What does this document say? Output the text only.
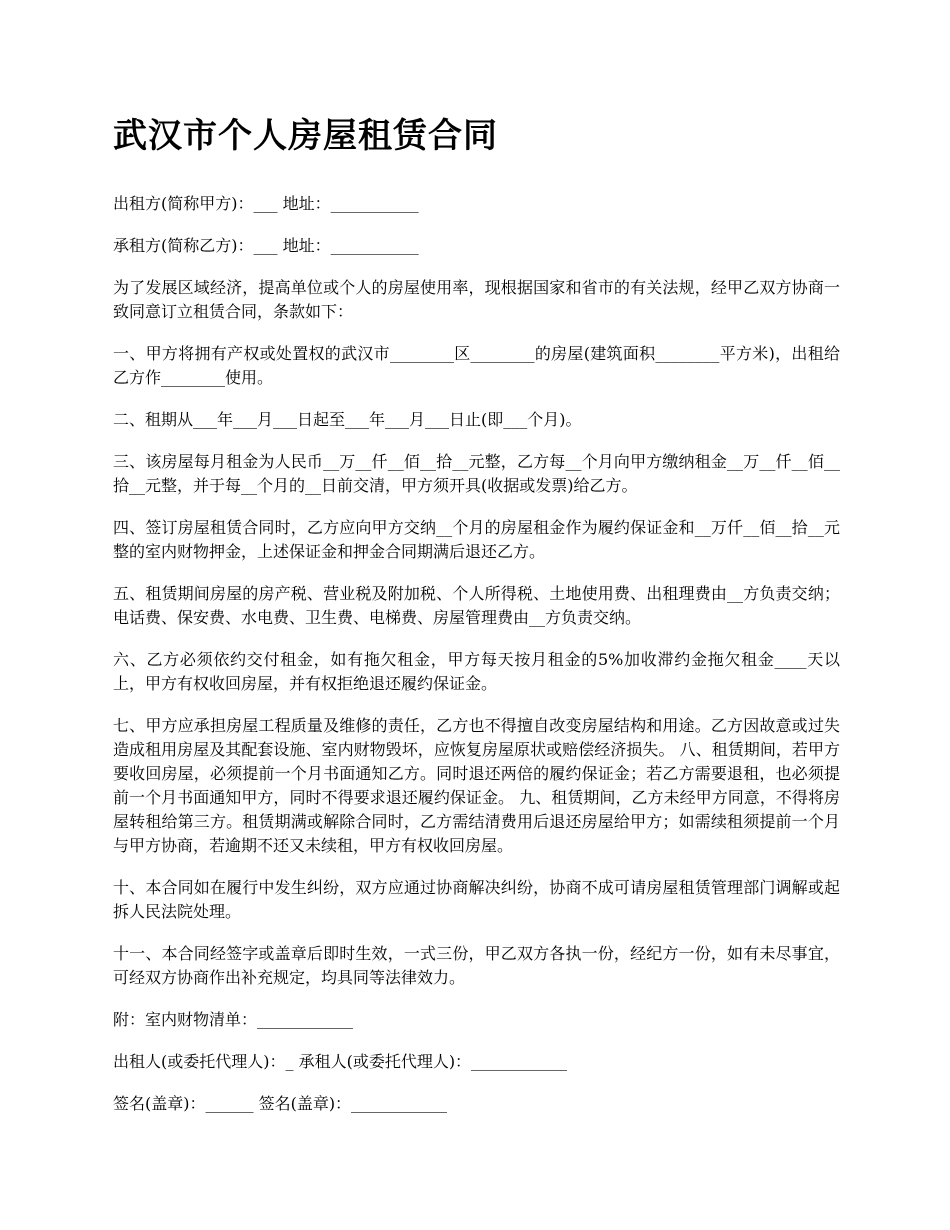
武汉市个人房屋租赁合同

出租方(简称甲方)：___ 地址：___________

承租方(简称乙方)：___ 地址：___________

为了发展区域经济，提高单位或个人的房屋使用率，现根据国家和省市的有关法规，经甲乙双方协商一致同意订立租赁合同，条款如下：

一、甲方将拥有产权或处置权的武汉市________区________的房屋(建筑面积________平方米)，出租给乙方作________使用。

二、租期从___年___月___日起至___年___月___日止(即___个月)。

三、该房屋每月租金为人民币__万__仟__佰__拾__元整，乙方每__个月向甲方缴纳租金__万__仟__佰__拾__元整，并于每__个月的__日前交清，甲方须开具(收据或发票)给乙方。

四、签订房屋租赁合同时，乙方应向甲方交纳__个月的房屋租金作为履约保证金和__万仟__佰__拾__元整的室内财物押金，上述保证金和押金合同期满后退还乙方。

五、租赁期间房屋的房产税、营业税及附加税、个人所得税、土地使用费、出租理费由__方负责交纳；电话费、保安费、水电费、卫生费、电梯费、房屋管理费由__方负责交纳。

六、乙方必须依约交付租金，如有拖欠租金，甲方每天按月租金的5%加收滞约金拖欠租金____天以上，甲方有权收回房屋，并有权拒绝退还履约保证金。

七、甲方应承担房屋工程质量及维修的责任，乙方也不得擅自改变房屋结构和用途。乙方因故意或过失造成租用房屋及其配套设施、室内财物毁坏，应恢复房屋原状或赔偿经济损失。 八、租赁期间，若甲方要收回房屋，必须提前一个月书面通知乙方。同时退还两倍的履约保证金；若乙方需要退租，也必须提前一个月书面通知甲方，同时不得要求退还履约保证金。 九、租赁期间，乙方未经甲方同意，不得将房屋转租给第三方。租赁期满或解除合同时，乙方需结清费用后退还房屋给甲方；如需续租须提前一个月与甲方协商，若逾期不还又未续租，甲方有权收回房屋。

十、本合同如在履行中发生纠纷，双方应通过协商解决纠纷，协商不成可请房屋租赁管理部门调解或起拆人民法院处理。

十一、本合同经签字或盖章后即时生效，一式三份，甲乙双方各执一份，经纪方一份，如有未尽事宜，可经双方协商作出补充规定，均具同等法律效力。

附：室内财物清单：____________

出租人(或委托代理人)：_ 承租人(或委托代理人)：____________

签名(盖章)：______ 签名(盖章)：____________
